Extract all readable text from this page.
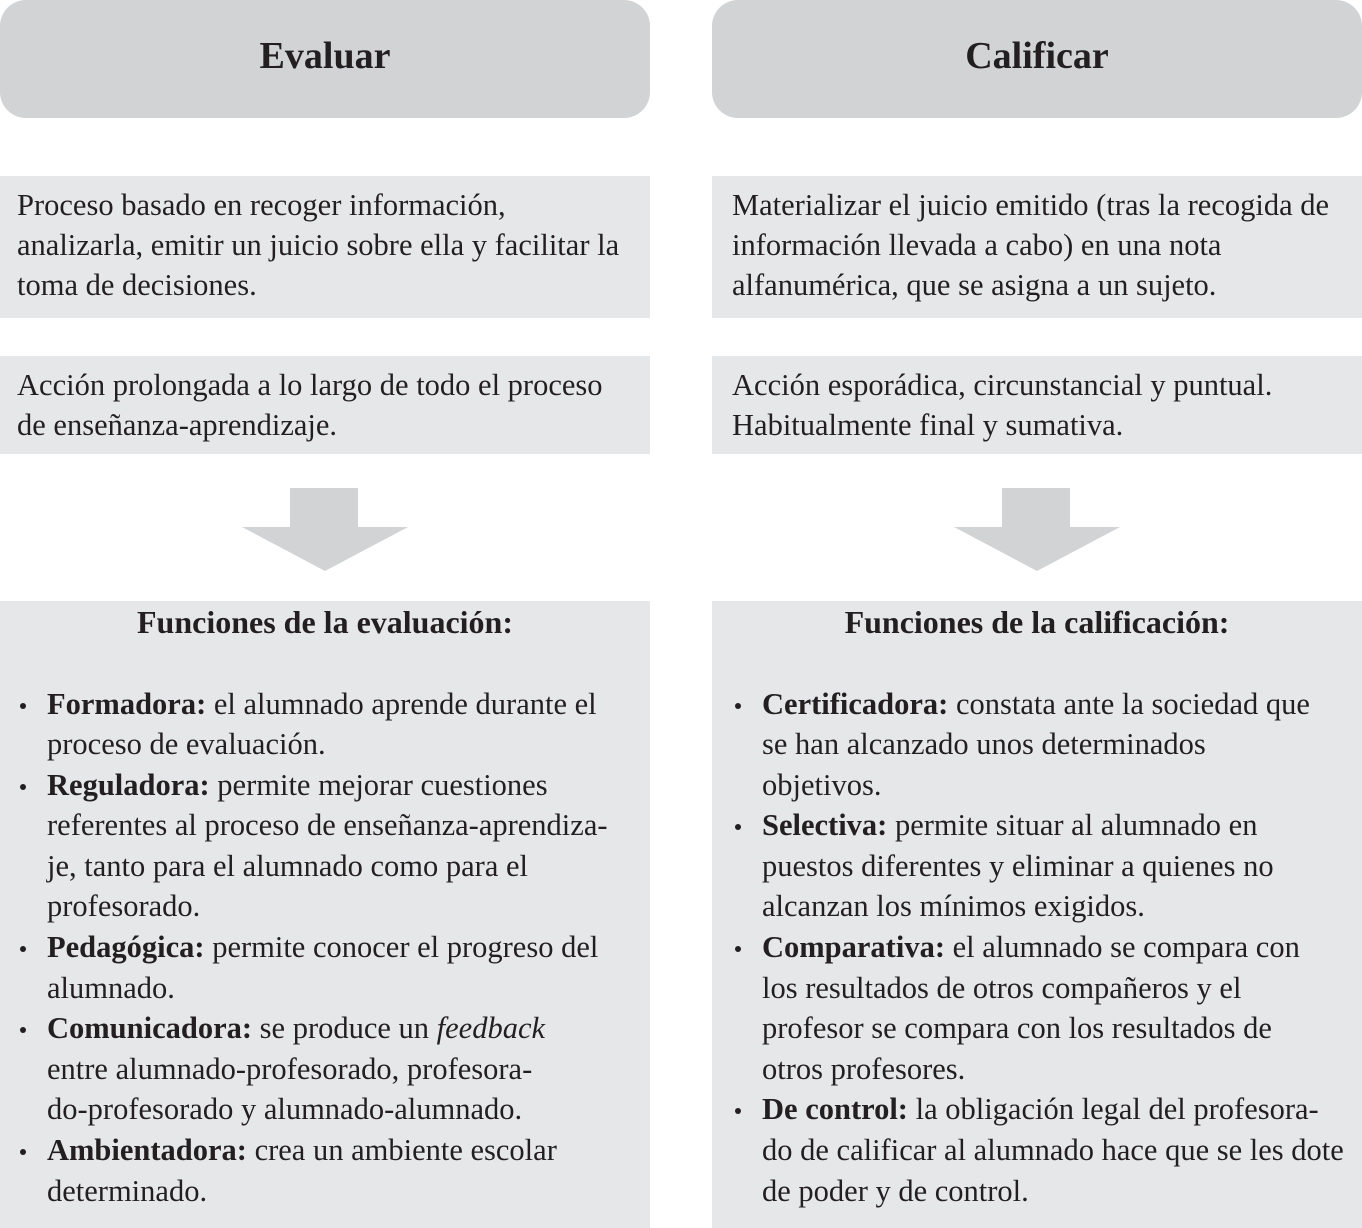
Evaluar
Proceso basado en recoger información,
analizarla, emitir un juicio sobre ella y facilitar la
toma de decisiones.
Acción prolongada a lo largo de todo el proceso
de enseñanza-aprendizaje.
Funciones de la evaluación:
Formadora: el alumnado aprende durante el
proceso de evaluación.
Reguladora: permite mejorar cuestiones
referentes al proceso de enseñanza-aprendiza-
je, tanto para el alumnado como para el
profesorado.
Pedagógica: permite conocer el progreso del
alumnado.
Comunicadora: se produce un feedback
entre alumnado-profesorado, profesora-
do-profesorado y alumnado-alumnado.
Ambientadora: crea un ambiente escolar
determinado.
Calificar
Materializar el juicio emitido (tras la recogida de
información llevada a cabo) en una nota
alfanumérica, que se asigna a un sujeto.
Acción esporádica, circunstancial y puntual.
Habitualmente final y sumativa.
Funciones de la calificación:
Certificadora: constata ante la sociedad que
se han alcanzado unos determinados
objetivos.
Selectiva: permite situar al alumnado en
puestos diferentes y eliminar a quienes no
alcanzan los mínimos exigidos.
Comparativa: el alumnado se compara con
los resultados de otros compañeros y el
profesor se compara con los resultados de
otros profesores.
De control: la obligación legal del profesora-
do de calificar al alumnado hace que se les dote
de poder y de control.
